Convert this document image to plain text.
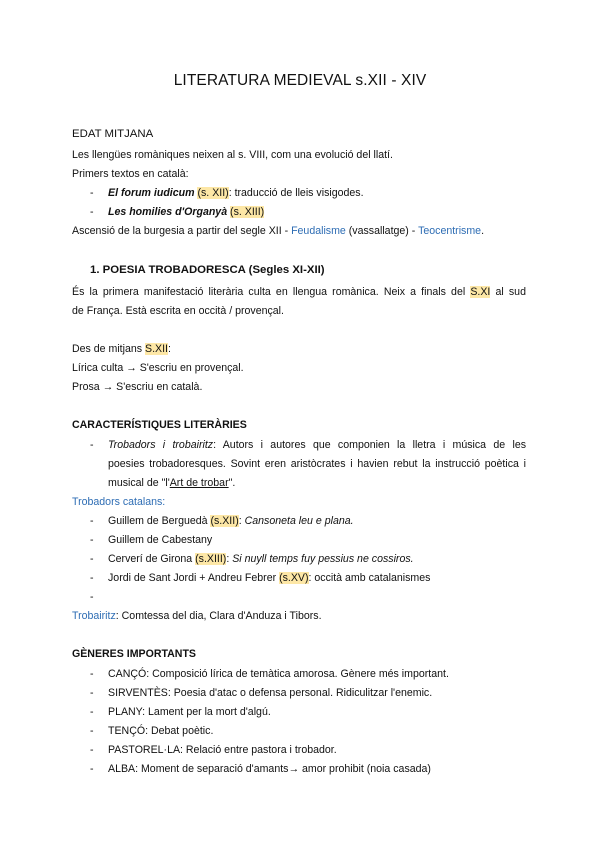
LITERATURA MEDIEVAL s.XII - XIV
EDAT MITJANA
Les llengües romàniques neixen al s. VIII, com una evolució del llatí.
Primers textos en català:
- El forum iudicum (s. XII): traducció de lleis visigodes.
- Les homilies d'Organyà (s. XIII)
Ascensió de la burgesia a partir del segle XII - Feudalisme (vassallatge) - Teocentrisme.
1. POESIA TROBADORESCA (Segles XI-XII)
És la primera manifestació literària culta en llengua romànica. Neix a finals del S.XI al sud
de França. Està escrita en occità / provençal.
Des de mitjans S.XII:
Lírica culta → S'escriu en provençal.
Prosa → S'escriu en català.
CARACTERÍSTIQUES LITERÀRIES
- Trobadors i trobairitz: Autors i autores que componien la lletra i música de les
poesies trobadoresques. Sovint eren aristòcrates i havien rebut la instrucció poètica i
musical de "l'Art de trobar".
Trobadors catalans:
- Guillem de Berguedà (s.XII): Cansoneta leu e plana.
- Guillem de Cabestany
- Cerverí de Girona (s.XIII): Si nuyll temps fuy pessius ne cossiros.
- Jordi de Sant Jordi + Andreu Febrer (s.XV): occità amb catalanismes
-
Trobairitz: Comtessa del dia, Clara d'Anduza i Tibors.
GÈNERES IMPORTANTS
- CANÇÓ: Composició lírica de temàtica amorosa. Gènere més important.
- SIRVENTÈS: Poesia d'atac o defensa personal. Ridiculitzar l'enemic.
- PLANY: Lament per la mort d'algú.
- TENÇÓ: Debat poètic.
- PASTOREL·LA: Relació entre pastora i trobador.
- ALBA: Moment de separació d'amants→ amor prohibit (noia casada)
